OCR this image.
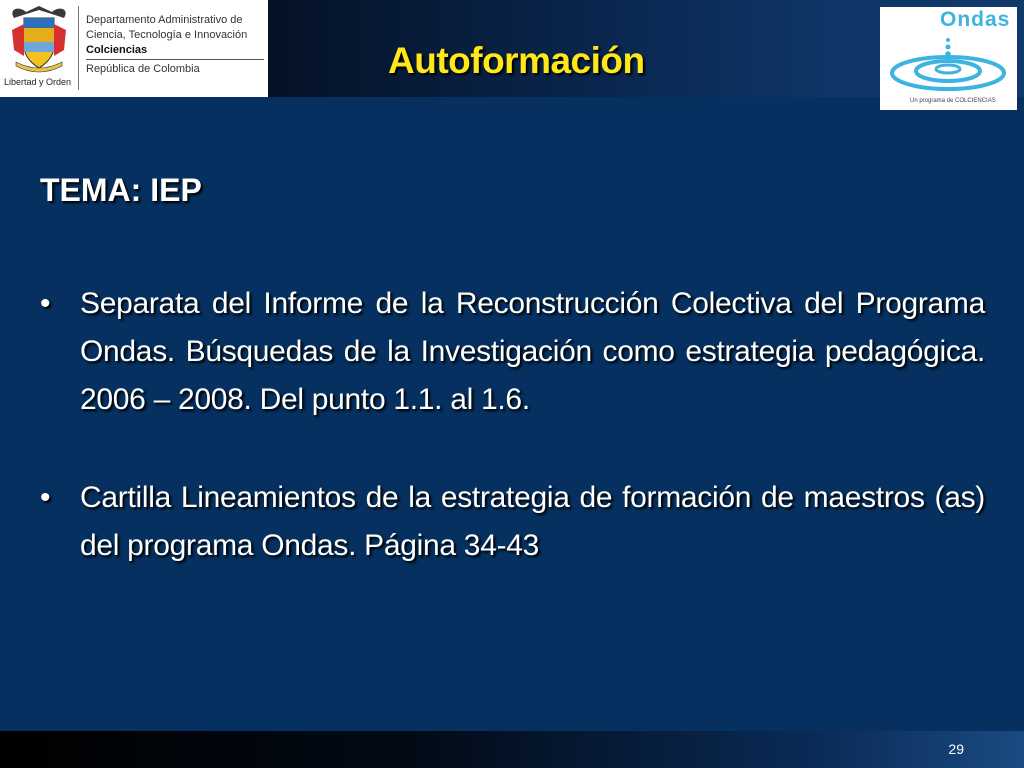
Libertad y Orden
Departamento Administrativo de
Ciencia, Tecnología e Innovación
Colciencias
República de Colombia	Autoformación
Ondas
Un programa de COLCIENCIAS
TEMA: IEP
• Separata del Informe de la Reconstrucción Colectiva del Programa Ondas. Búsquedas de la Investigación como estrategia pedagógica. 2006 – 2008. Del punto 1.1. al 1.6.
• Cartilla Lineamientos de la estrategia de formación de maestros (as) del programa Ondas. Página 34-43
29
